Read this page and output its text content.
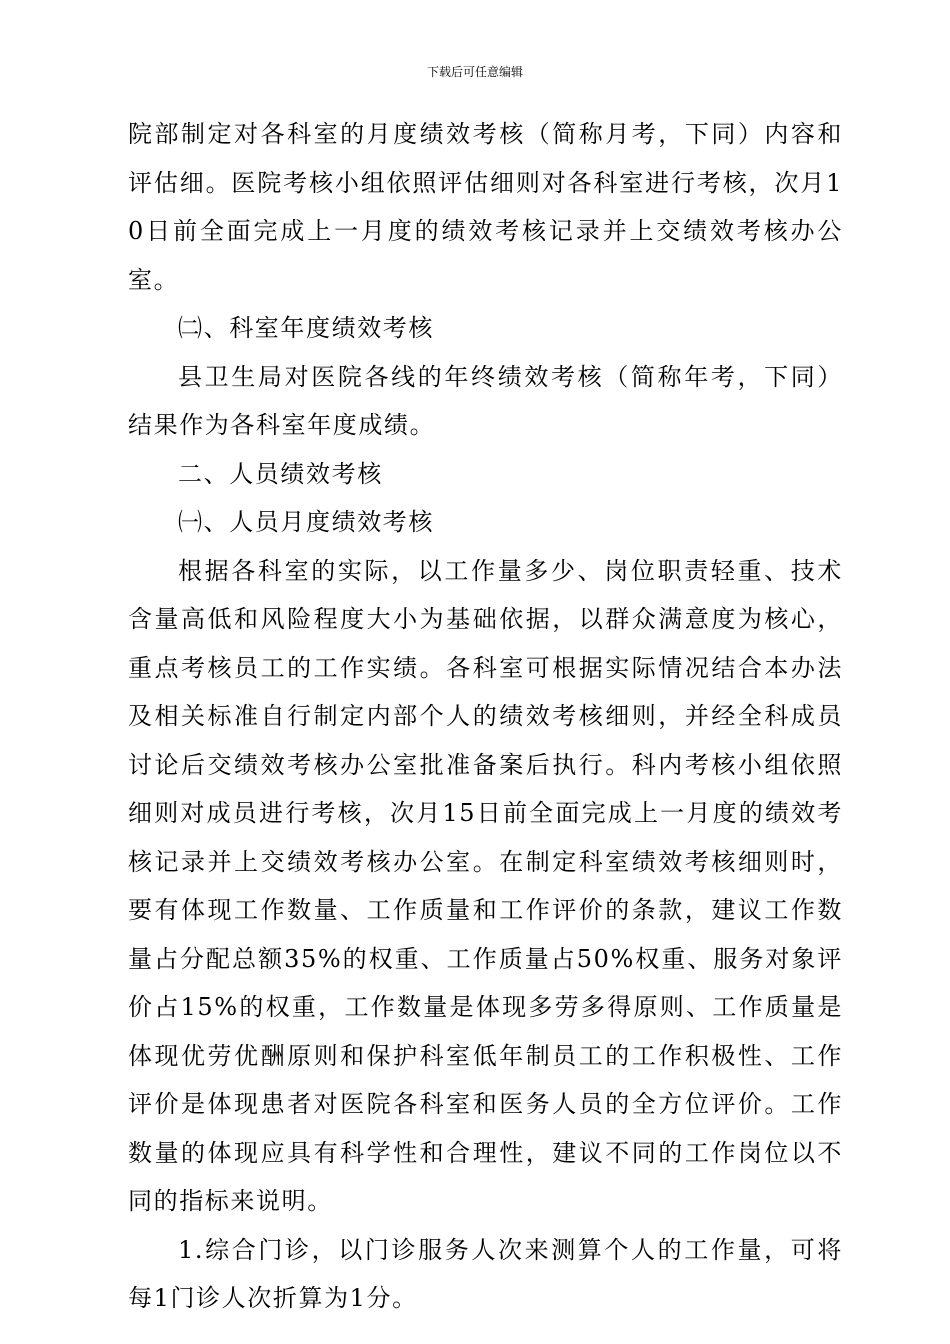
下载后可任意编辑

院部制定对各科室的月度绩效考核（简称月考，下同）内容和评估细。医院考核小组依照评估细则对各科室进行考核，次月10日前全面完成上一月度的绩效考核记录并上交绩效考核办公室。

㈡、科室年度绩效考核

县卫生局对医院各线的年终绩效考核（简称年考，下同）结果作为各科室年度成绩。

二、人员绩效考核

㈠、人员月度绩效考核

根据各科室的实际，以工作量多少、岗位职责轻重、技术含量高低和风险程度大小为基础依据，以群众满意度为核心，重点考核员工的工作实绩。各科室可根据实际情况结合本办法及相关标准自行制定内部个人的绩效考核细则，并经全科成员讨论后交绩效考核办公室批准备案后执行。科内考核小组依照细则对成员进行考核，次月15日前全面完成上一月度的绩效考核记录并上交绩效考核办公室。在制定科室绩效考核细则时，要有体现工作数量、工作质量和工作评价的条款，建议工作数量占分配总额35%的权重、工作质量占50%权重、服务对象评价占15%的权重，工作数量是体现多劳多得原则、工作质量是体现优劳优酬原则和保护科室低年制员工的工作积极性、工作评价是体现患者对医院各科室和医务人员的全方位评价。工作数量的体现应具有科学性和合理性，建议不同的工作岗位以不同的指标来说明。

1.综合门诊，以门诊服务人次来测算个人的工作量，可将每1门诊人次折算为1分。
